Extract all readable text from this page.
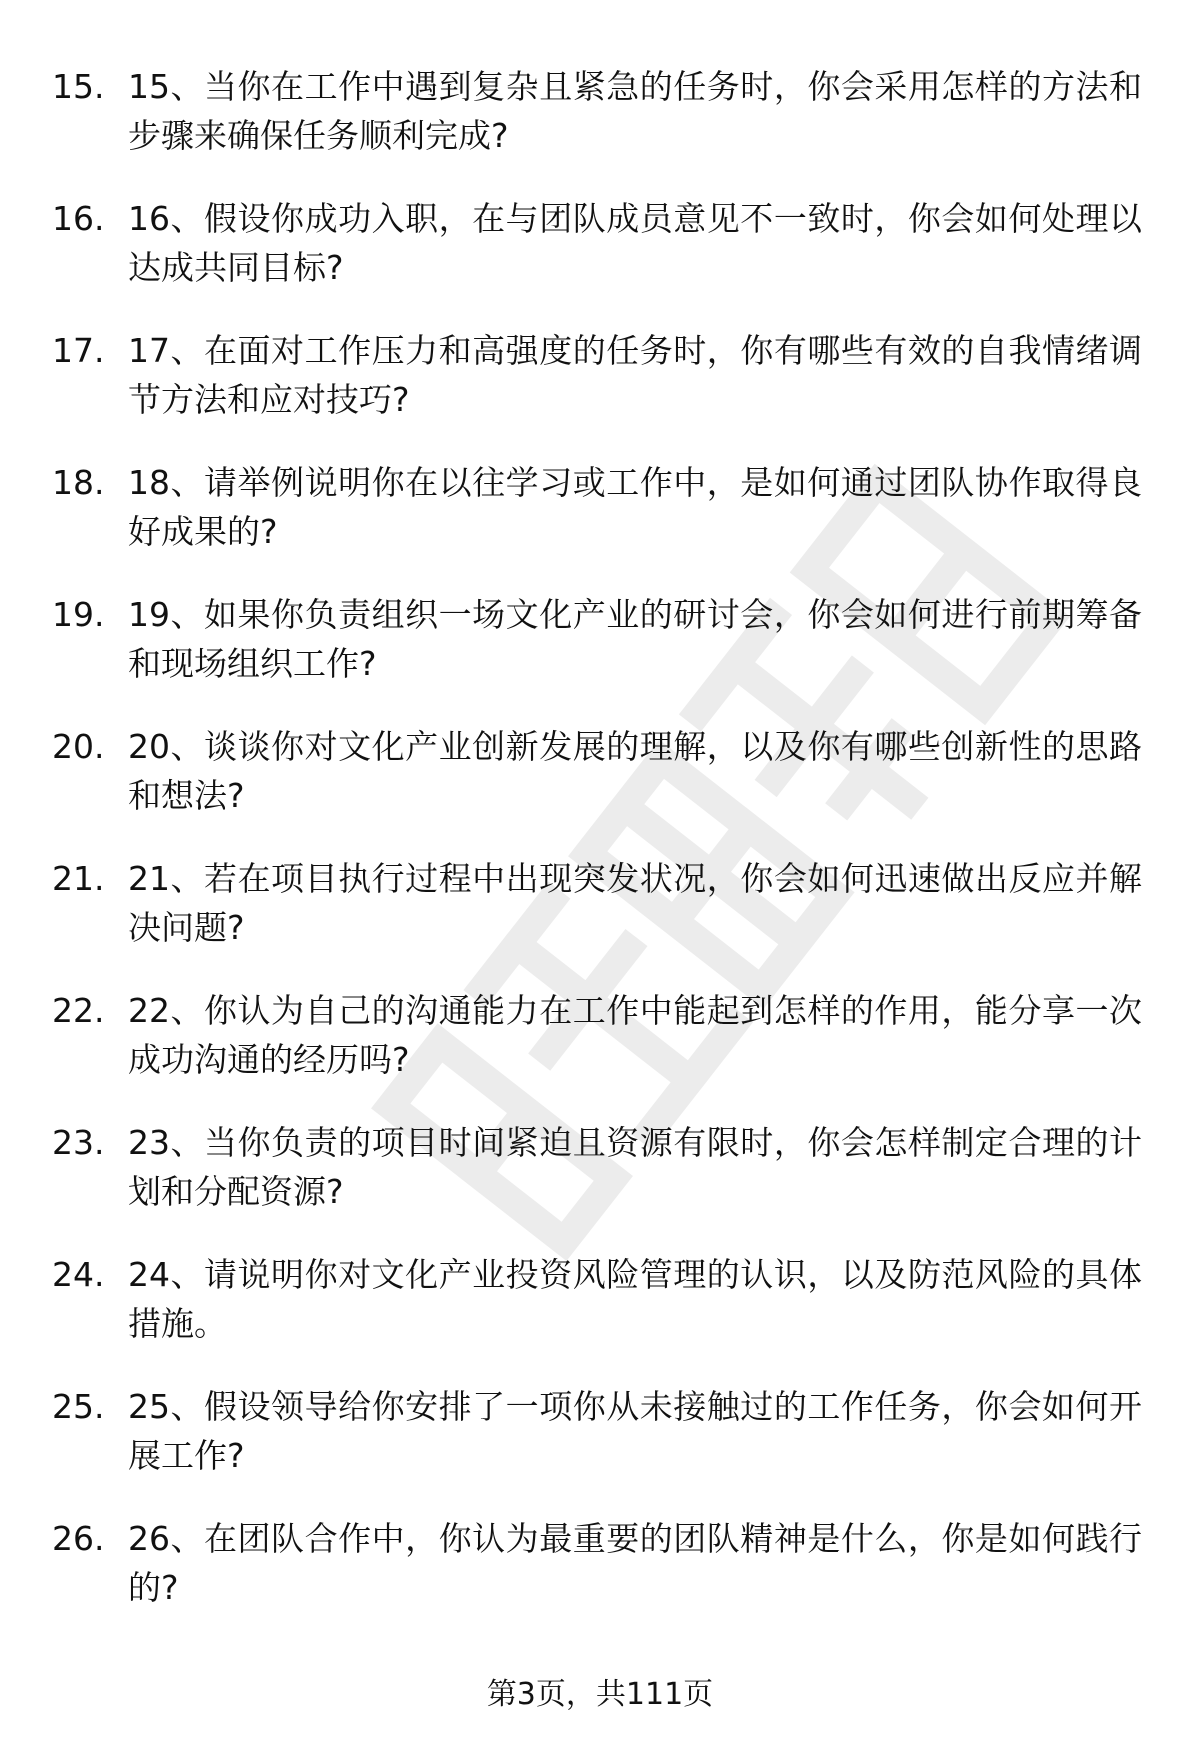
15. 15、当你在工作中遇到复杂且紧急的任务时，你会采用怎样的方法和步骤来确保任务顺利完成?
16. 16、假设你成功入职，在与团队成员意见不一致时，你会如何处理以达成共同目标?
17. 17、在面对工作压力和高强度的任务时，你有哪些有效的自我情绪调节方法和应对技巧?
18. 18、请举例说明你在以往学习或工作中，是如何通过团队协作取得良好成果的?
19. 19、如果你负责组织一场文化产业的研讨会，你会如何进行前期筹备和现场组织工作?
20. 20、谈谈你对文化产业创新发展的理解，以及你有哪些创新性的思路和想法?
21. 21、若在项目执行过程中出现突发状况，你会如何迅速做出反应并解决问题?
22. 22、你认为自己的沟通能力在工作中能起到怎样的作用，能分享一次成功沟通的经历吗?
23. 23、当你负责的项目时间紧迫且资源有限时，你会怎样制定合理的计划和分配资源?
24. 24、请说明你对文化产业投资风险管理的认识，以及防范风险的具体措施。
25. 25、假设领导给你安排了一项你从未接触过的工作任务，你会如何开展工作?
26. 26、在团队合作中，你认为最重要的团队精神是什么，你是如何践行的?
第3页，共111页
